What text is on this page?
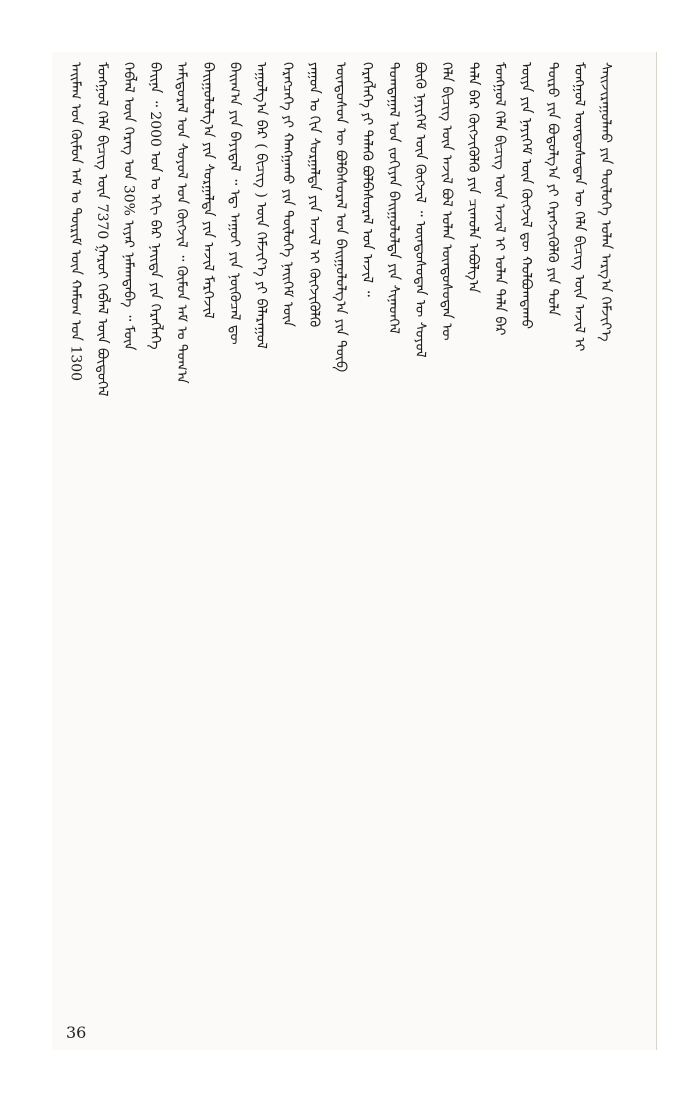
ᠠᠢᠮᠠᠭ ᠤᠨ ᠬᠦᠮᠦᠨ ᠠᠮ ᠤ ᠳᠦᠷᠢᠮ ᠦᠨ ᠬᠠᠮᠤᠭ ᠤᠨ 1300 ᠮᠣᠩᠭᠣᠯ ᠬᠡᠯᠡ ᠪᠢᠴᠢᠭ ᠦᠨ 7370 ᠭᠠᠷᠤᠢ ᠬᠡᠪᠯᠡᠯ ᠦᠨ ᠪᠦᠲᠦᠭᠡᠯ ᠬᠡᠪᠯᠡᠯ ᠦᠨ ᠬᠡᠷᠡᠭ ᠤᠨ 30% ᠢᠶᠠᠷ ᠨᠡᠮᠡᠭ᠍ᠳᠡᠪᠡ ᠃ ᠮᠥᠨ ᠪᠠᠢᠨᠠ ᠃ 2000 ᠣᠨ ᠤ ᠡᠬᠢ ᠪᠡᠷ ᠨᠡᠢᠲᠡ ᠶᠢᠨ ᠬᠡᠷᠡᠭᠯᠡᠭᠡ ᠠᠮᠢᠳᠤᠷᠠᠯ ᠤᠨ ᠰᠣᠶᠣᠯ ᠤᠨ ᠬᠥᠭᠵᠢᠯ ᠃ ᠬᠦᠮᠦᠨ ᠠᠮ ᠤ ᠲᠣᠭ᠎ᠠ ᠪᠠᠢᠭᠤᠯᠤᠯᠭ᠎ᠠ ᠶᠢᠨ ᠰᠤᠷᠭᠠᠯᠲᠠ ᠶᠢᠨ ᠠᠵᠢᠯ ᠮᠡᠷᠭᠡᠵᠢᠯ ᠪᠠᠢᠭ᠎ᠠ ᠶᠢᠨ ᠪᠠᠶᠢᠳᠠᠯ ᠃ ᠡᠳ᠋ ᠠᠭᠤᠢ ᠶᠢᠨ ᠨᠥᠬᠦᠴᠡᠯ ᠳᠦ ᠠᠭᠤᠯᠭ᠎ᠠ ᠪᠠᠷ ( ᠪᠢᠴᠢᠭ ) ᠦᠨ ᠬᠡᠮᠵᠢᠶ᠎ᠡ ᠶᠢ ᠪᠠᠯᠠᠷᠠᠭᠤᠯ ᠬᠡᠷᠡᠭᠴᠡᠭᠡ ᠶᠢ ᠬᠠᠩᠭᠠᠬᠤ ᠶᠢᠨ ᠲᠥᠯᠥᠭᠡ ᠨᠡᠢᠭᠡᠮ ᠦᠨ ᠶᠠᠭᠤᠨ ᠤ ᠬᠢᠨ ᠰᠤᠷᠭᠠᠯᠲᠠ ᠶᠢᠨ ᠠᠵᠢᠯ ᠢ ᠬᠥᠭᠵᠢᠭᠦᠯᠬᠦ ᠦᠨᠳᠦᠰᠦᠨ ᠦ ᠪᠣᠯᠪᠠᠰᠤᠷᠠᠯ ᠤᠨ ᠪᠠᠢᠭᠤᠯᠤᠯᠭ᠎ᠠ ᠶᠢᠨ ᠲᠥᠪ ᠬᠡᠷᠡᠭᠯᠡᠭᠡ ᠶᠢ ᠲᠡᠯᠡᠬᠦ ᠪᠣᠯᠪᠠᠰᠤᠷᠠᠯ ᠤᠨ ᠠᠵᠢᠯ ᠃ ᠲᠣᠭᠲᠠᠭᠠᠯ ᠤᠨ ᠵᠣᠬᠢᠶᠠᠨ ᠪᠠᠢᠭᠤᠯᠤᠯᠲᠠ ᠶᠢᠨ ᠰᠢᠨᠡᠳᠬᠡᠯ ᠪᠦᠬᠦ ᠨᠡᠶᠢᠭᠡᠮ ᠦᠨ ᠬᠥᠭᠵᠢᠯ ᠃ ᠦᠨᠳᠦᠰᠦᠲᠡᠨ ᠦ ᠰᠣᠶᠣᠯ ᠬᠡᠯᠡ ᠪᠢᠴᠢᠭ ᠦᠨ ᠠᠵᠢᠯ ᠪᠣᠯ ᠣᠯᠠᠨ ᠦᠨᠳᠦᠰᠦᠲᠡᠨ ᠦ ᠲᠠᠯᠠ ᠪᠠᠷ ᠬᠥᠭᠵᠢᠭᠦᠯᠬᠦ ᠶᠢᠨ ᠴᠢᠬᠤᠯᠠ ᠠᠪᠤᠯᠭ᠎ᠠ ᠮᠣᠩᠭᠣᠯ ᠬᠡᠯᠡ ᠪᠢᠴᠢᠭ ᠦᠨ ᠠᠵᠢᠯ ᠢ ᠣᠯᠠᠨ ᠲᠠᠯᠠ ᠪᠠᠷ ᠦᠶᠡ ᠶᠢᠨ ᠨᠡᠶᠢᠭᠡᠮ ᠦᠨ ᠬᠥᠭᠵᠢᠯ ᠳᠦ ᠬᠣᠯᠪᠣᠭᠳᠠᠬᠤ ᠲᠦᠷᠦ ᠶᠢᠨ ᠪᠣᠳᠣᠯᠭ᠎ᠠ ᠶᠢ ᠬᠡᠷᠡᠭᠵᠢᠭᠦᠯᠬᠦ ᠶᠢᠨ ᠳᠤᠯᠠ ᠮᠣᠩᠭᠣᠯ ᠦᠨᠳᠦᠰᠦᠲᠡᠨ ᠦ ᠬᠡᠯᠡ ᠪᠢᠴᠢᠭ ᠦᠨ ᠠᠵᠢᠯ ᠢ ᠰᠠᠢᠵᠢᠷᠠᠭᠤᠯᠬᠤ ᠶᠢᠨ ᠲᠥᠯᠥᠭᠡ ᠣᠯᠠᠨ ᠠᠷᠭ᠎ᠠ ᠬᠡᠮᠵᠢᠶ᠎ᠡ
36
